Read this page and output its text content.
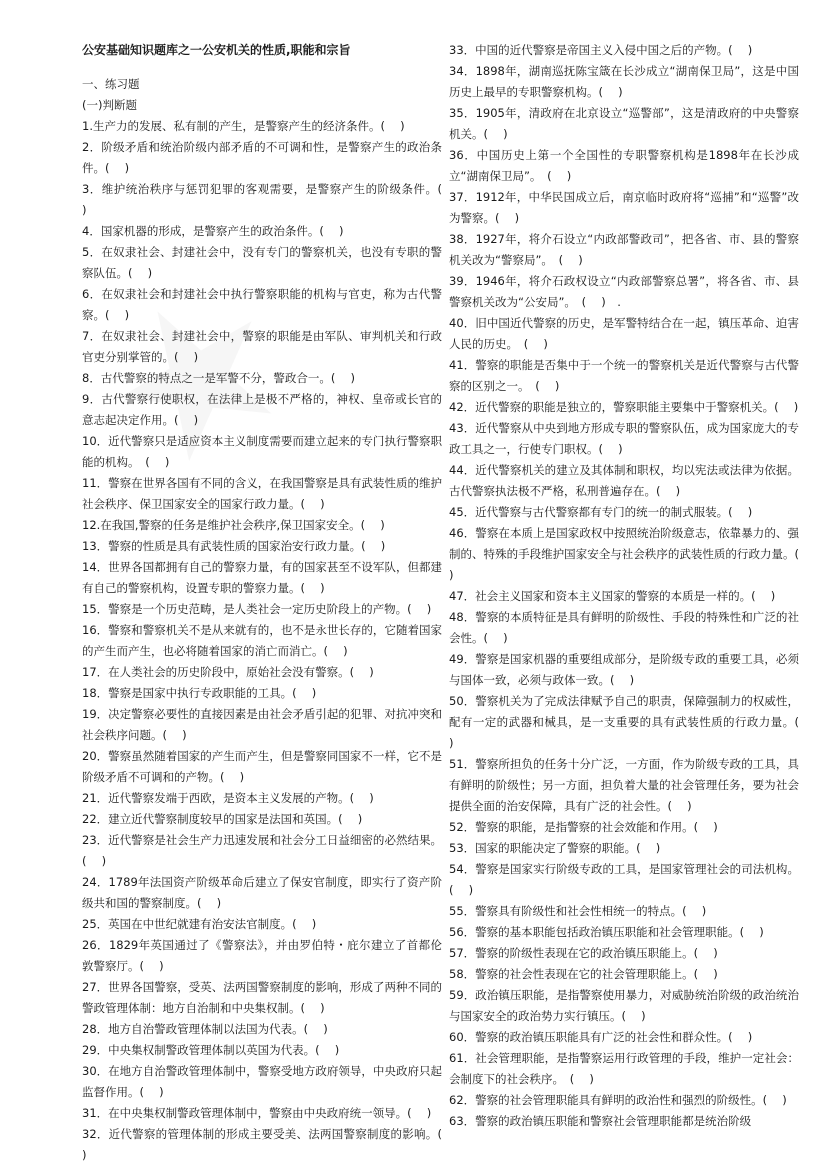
公安基础知识题库之一公安机关的性质,职能和宗旨
一、练习题
(一)判断题
1.生产力的发展、私有制的产生，是警察产生的经济条件。(　 )
2．阶级矛盾和统治阶级内部矛盾的不可调和性，是警察产生的政治条件。(　 )
3．维护统治秩序与惩罚犯罪的客观需要，是警察产生的阶级条件。(　 )
4．国家机器的形成，是警察产生的政治条件。(　 )
5．在奴隶社会、封建社会中，没有专门的警察机关，也没有专职的警察队伍。(　 )
6．在奴隶社会和封建社会中执行警察职能的机构与官吏，称为古代警察。(　 )
7．在奴隶社会、封建社会中，警察的职能是由军队、审判机关和行政官吏分别掌管的。(　 )
8．古代警察的特点之一是军警不分，警政合一。(　 )
9．古代警察行使职权，在法律上是极不严格的，神权、皇帝或长官的意志起决定作用。(　 )
10．近代警察只是适应资本主义制度需要而建立起来的专门执行警察职能的机构。　(　 )
11．警察在世界各国有不同的含义，在我国警察是具有武装性质的维护社会秩序、保卫国家安全的国家行政力量。(　 )
12.在我国,警察的任务是维护社会秩序,保卫国家安全。(　 )
13．警察的性质是具有武装性质的国家治安行政力量。(　 )
14．世界各国都拥有自己的警察力量，有的国家甚至不设军队，但都建有自己的警察机构，设置专职的警察力量。(　 )
15．警察是一个历史范畴，是人类社会一定历史阶段上的产物。(　 )
16．警察和警察机关不是从来就有的，也不是永世长存的，它随着国家的产生而产生，也必将随着国家的消亡而消亡。(　 )
17．在人类社会的历史阶段中，原始社会没有警察。(　 )
18．警察是国家中执行专政职能的工具。(　 )
19．决定警察必要性的直接因素是由社会矛盾引起的犯罪、对抗冲突和社会秩序问题。(　 )
20．警察虽然随着国家的产生而产生，但是警察同国家不一样，它不是阶级矛盾不可调和的产物。(　 )
21．近代警察发端于西欧，是资本主义发展的产物。(　 )
22．建立近代警察制度较早的国家是法国和英国。(　 )
23．近代警察是社会生产力迅速发展和社会分工日益细密的必然结果。(　 )
24．1789年法国资产阶级革命后建立了保安官制度，即实行了资产阶级共和国的警察制度。(　 )
25．英国在中世纪就建有治安法官制度。(　 )
26．1829年英国通过了《警察法》，并由罗伯特・庇尔建立了首都伦敦警察厅。(　 )
27．世界各国警察，受英、法两国警察制度的影响，形成了两种不同的警政管理体制：地方自治制和中央集权制。(　 )
28．地方自治警政管理体制以法国为代表。(　 )
29．中央集权制警政管理体制以英国为代表。(　 )
30．在地方自治警政管理体制中，警察受地方政府领导，中央政府只起监督作用。(　 )
31．在中央集权制警政管理体制中，警察由中央政府统一领导。(　 )
32．近代警察的管理体制的形成主要受美、法两国警察制度的影响。(　 )
33．中国的近代警察是帝国主义入侵中国之后的产物。(　 )
34．1898年，湖南巡抚陈宝箴在长沙成立“湖南保卫局”，这是中国历史上最早的专职警察机构。(　 )
35．1905年，清政府在北京设立“巡警部”，这是清政府的中央警察机关。(　 )
36．中国历史上第一个全国性的专职警察机构是1898年在长沙成立“湖南保卫局”。　(　 )
37．1912年，中华民国成立后，南京临时政府将“巡捕”和“巡警”改为警察。(　 )
38．1927年，将介石设立“内政部警政司”，把各省、市、县的警察机关改为“警察局”。　(　 )
39．1946年，将介石政权设立“内政部警察总署”，将各省、市、县警察机关改为“公安局”。　(　 )　.
40．旧中国近代警察的历史，是军警特结合在一起，镇压革命、迫害人民的历史。　(　 )
41．警察的职能是否集中于一个统一的警察机关是近代警察与古代警察的区别之一。　(　 )
42．近代警察的职能是独立的，警察职能主要集中于警察机关。(　 )
43．近代警察从中央到地方形成专职的警察队伍，成为国家庞大的专政工具之一，行使专门职权。(　 )
44．近代警察机关的建立及其体制和职权，均以宪法或法律为依据。古代警察执法极不严格，私刑普遍存在。(　 )
45．近代警察与古代警察都有专门的统一的制式服装。(　 )
46．警察在本质上是国家政权中按照统治阶级意志，依靠暴力的、强制的、特殊的手段维护国家安全与社会秩序的武装性质的行政力量。(　 )
47．社会主义国家和资本主义国家的警察的本质是一样的。(　 )
48．警察的本质特征是具有鲜明的阶级性、手段的特殊性和广泛的社会性。(　 )
49．警察是国家机器的重要组成部分，是阶级专政的重要工具，必须与国体一致，必须与政体一致。(　 )
50．警察机关为了完成法律赋予自己的职责，保障强制力的权威性，配有一定的武器和械具，是一支重要的具有武装性质的行政力量。(　 )
51．警察所担负的任务十分广泛，一方面，作为阶级专政的工具，具有鲜明的阶级性；另一方面，担负着大量的社会管理任务，要为社会提供全面的治安保障，具有广泛的社会性。(　 )
52．警察的职能，是指警察的社会效能和作用。(　 )
53．国家的职能决定了警察的职能。(　 )
54．警察是国家实行阶级专政的工具，是国家管理社会的司法机构。(　 )
55．警察具有阶级性和社会性相统一的特点。(　 )
56．警察的基本职能包括政治镇压职能和社会管理职能。(　 )
57．警察的阶级性表现在它的政治镇压职能上。(　 )
58．警察的社会性表现在它的社会管理职能上。(　 )
59．政治镇压职能，是指警察使用暴力，对威胁统治阶级的政治统治与国家安全的政治势力实行镇压。(　 )
60．警察的政治镇压职能具有广泛的社会性和群众性。(　 )
61．社会管理职能，是指警察运用行政管理的手段，维护一定社会：会制度下的社会秩序。　(　 )
62．警察的社会管理职能具有鲜明的政治性和强烈的阶级性。(　 )
63．警察的政治镇压职能和警察社会管理职能都是统治阶级
